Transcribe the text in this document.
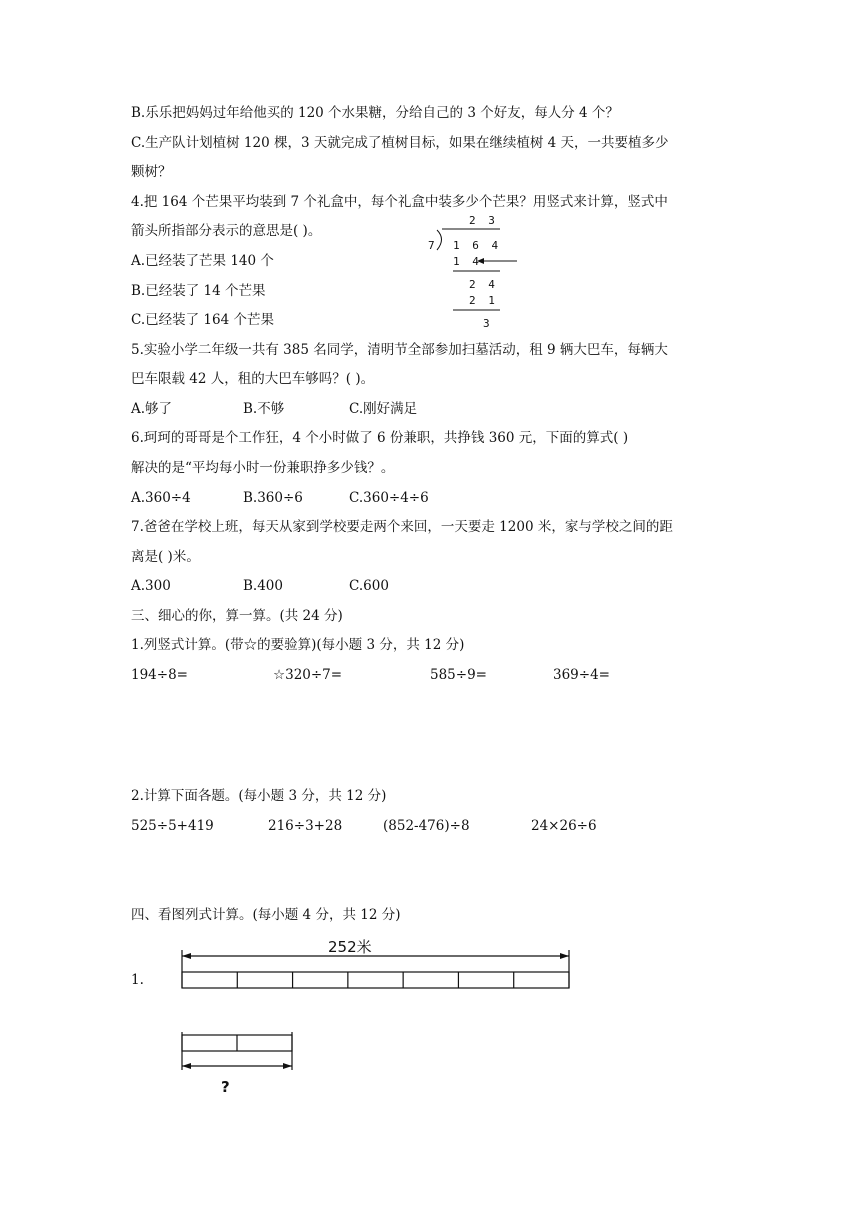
B.乐乐把妈妈过年给他买的 120 个水果糖，分给自己的 3 个好友，每人分 4 个？
C.生产队计划植树 120 棵，3 天就完成了植树目标，如果在继续植树 4 天，一共要植多少
颗树？
4.把 164 个芒果平均装到 7 个礼盒中，每个礼盒中装多少个芒果？用竖式来计算，竖式中
箭头所指部分表示的意思是( )。
A.已经装了芒果 140 个
B.已经装了 14 个芒果
C.已经装了 164 个芒果
2 3
7 1 6 4
1 4
2 4
2 1
3
5.实验小学二年级一共有 385 名同学，清明节全部参加扫墓活动，租 9 辆大巴车，每辆大
巴车限载 42 人，租的大巴车够吗？( )。
A.够了	B.不够	C.刚好满足
6.珂珂的哥哥是个工作狂，4 个小时做了 6 份兼职，共挣钱 360 元，下面的算式( )
解决的是“平均每小时一份兼职挣多少钱？。
A.360÷4	B.360÷6	C.360÷4÷6
7.爸爸在学校上班，每天从家到学校要走两个来回，一天要走 1200 米，家与学校之间的距
离是( )米。
A.300	B.400	C.600
三、细心的你，算一算。(共 24 分)
1.列竖式计算。(带☆的要验算)(每小题 3 分，共 12 分)
194÷8=	☆320÷7=	585÷9=	369÷4=
2.计算下面各题。(每小题 3 分，共 12 分)
525÷5+419	216÷3+28	(852-476)÷8	24×26÷6
四、看图列式计算。(每小题 4 分，共 12 分)
1.
252米
?
